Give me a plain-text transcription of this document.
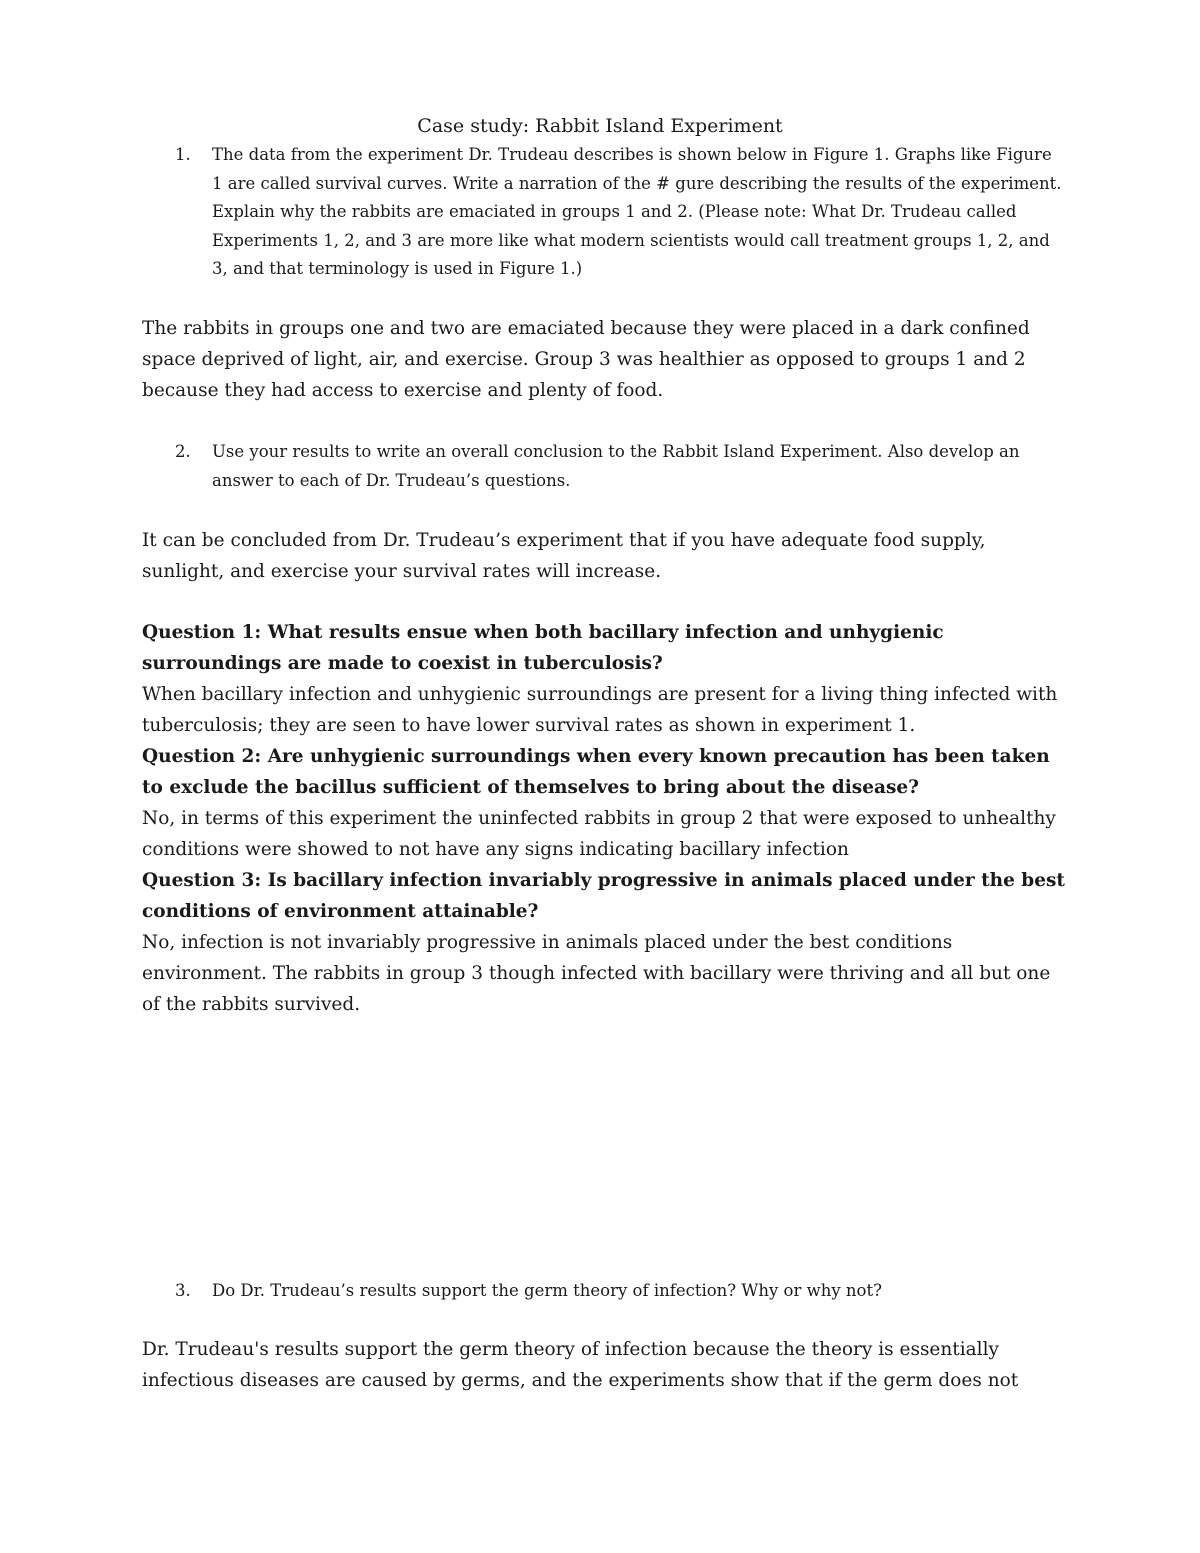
Case study: Rabbit Island Experiment
1. The data from the experiment Dr. Trudeau describes is shown below in Figure 1. Graphs like Figure 1 are called survival curves. Write a narration of the # gure describing the results of the experiment. Explain why the rabbits are emaciated in groups 1 and 2. (Please note: What Dr. Trudeau called Experiments 1, 2, and 3 are more like what modern scientists would call treatment groups 1, 2, and 3, and that terminology is used in Figure 1.)
The rabbits in groups one and two are emaciated because they were placed in a dark confined space deprived of light, air, and exercise. Group 3 was healthier as opposed to groups 1 and 2 because they had access to exercise and plenty of food.
2. Use your results to write an overall conclusion to the Rabbit Island Experiment. Also develop an answer to each of Dr. Trudeau’s questions.
It can be concluded from Dr. Trudeau’s experiment that if you have adequate food supply, sunlight, and exercise your survival rates will increase.

Question 1: What results ensue when both bacillary infection and unhygienic surroundings are made to coexist in tuberculosis?

When bacillary infection and unhygienic surroundings are present for a living thing infected with tuberculosis; they are seen to have lower survival rates as shown in experiment 1.

Question 2: Are unhygienic surroundings when every known precaution has been taken to exclude the bacillus sufficient of themselves to bring about the disease?

No, in terms of this experiment the uninfected rabbits in group 2 that were exposed to unhealthy conditions were showed to not have any signs indicating bacillary infection

Question 3: Is bacillary infection invariably progressive in animals placed under the best conditions of environment attainable?

No, infection is not invariably progressive in animals placed under the best conditions environment. The rabbits in group 3 though infected with bacillary were thriving and all but one of the rabbits survived.

3. Do Dr. Trudeau’s results support the germ theory of infection? Why or why not?
Dr. Trudeau's results support the germ theory of infection because the theory is essentially infectious diseases are caused by germs, and the experiments show that if the germ does not
